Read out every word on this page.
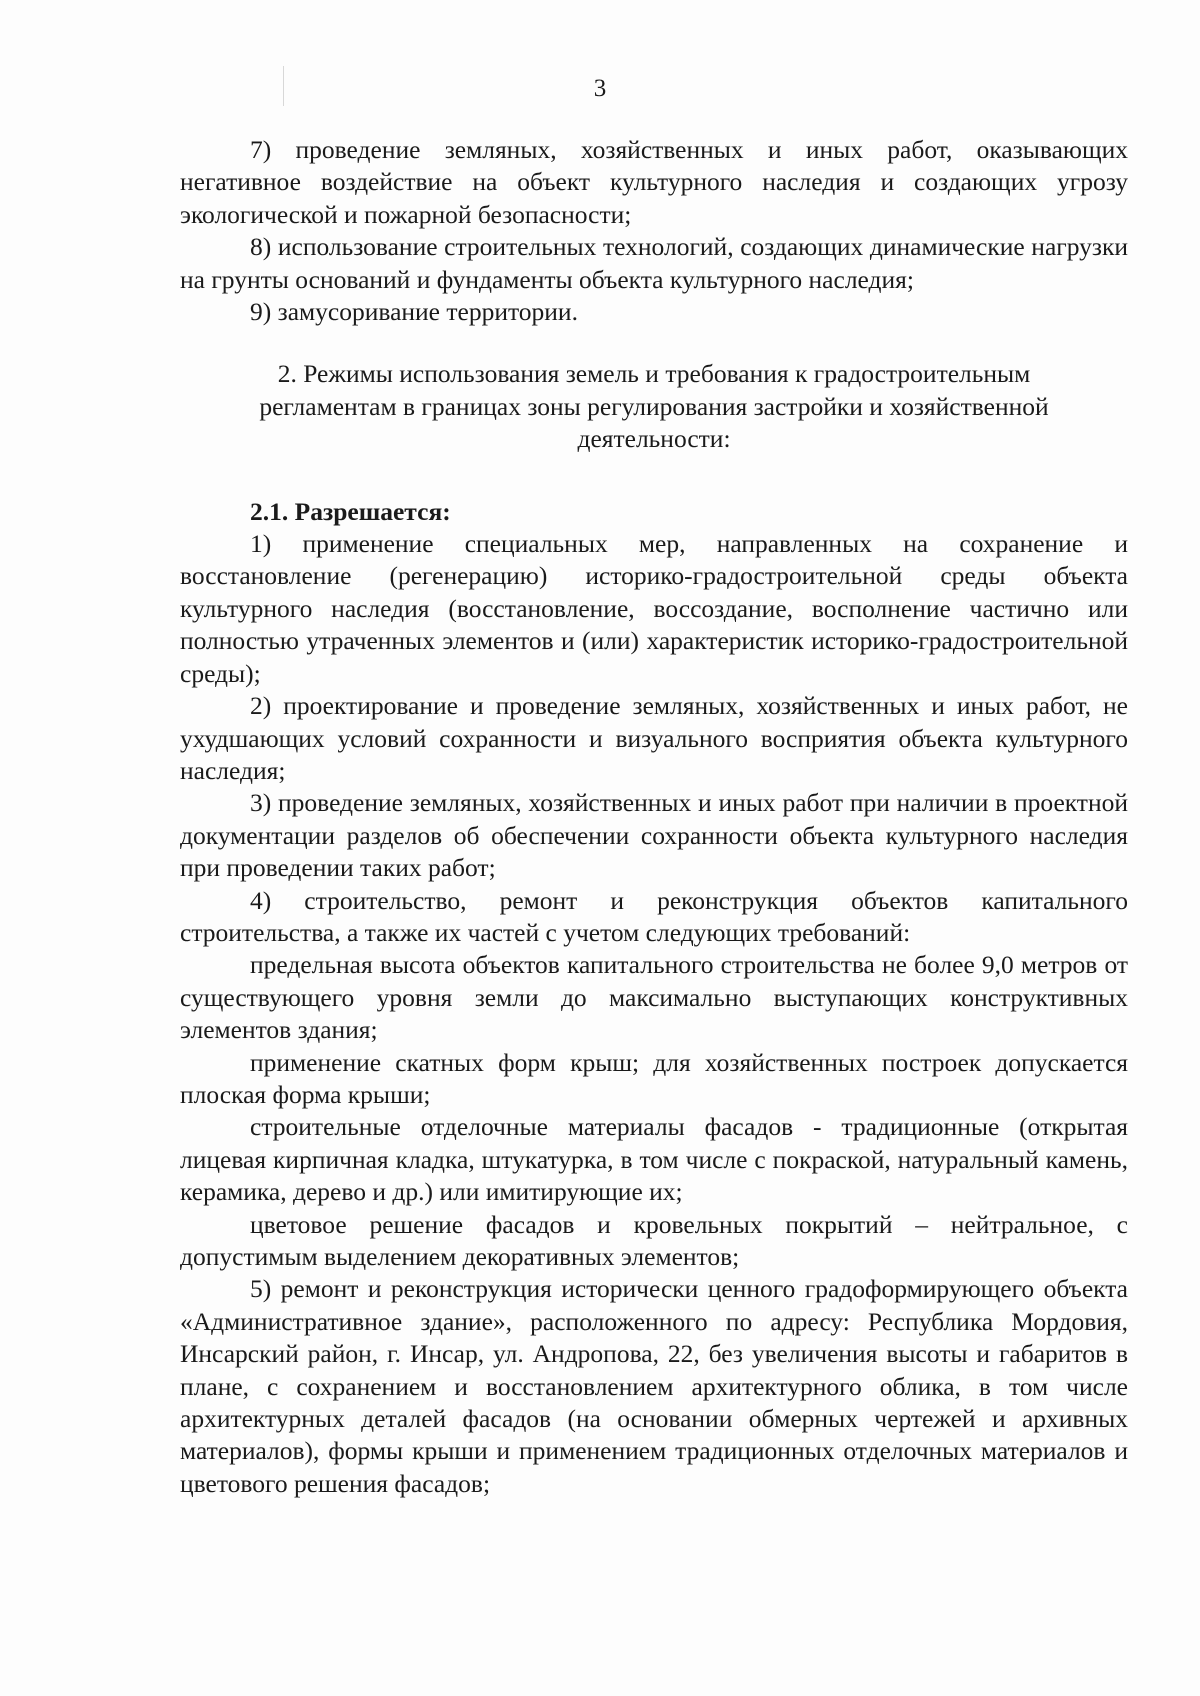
3

7) проведение земляных, хозяйственных и иных работ, оказывающих негативное воздействие на объект культурного наследия и создающих угрозу экологической и пожарной безопасности;

8) использование строительных технологий, создающих динамические нагрузки на грунты оснований и фундаменты объекта культурного наследия;

9) замусоривание территории.

2. Режимы использования земель и требования к градостроительным
регламентам в границах зоны регулирования застройки и хозяйственной
деятельности:

2.1. Разрешается:

1) применение специальных мер, направленных на сохранение и восстановление (регенерацию) историко-градостроительной среды объекта культурного наследия (восстановление, воссоздание, восполнение частично или полностью утраченных элементов и (или) характеристик историко-градостроительной среды);

2) проектирование и проведение земляных, хозяйственных и иных работ, не ухудшающих условий сохранности и визуального восприятия объекта культурного наследия;

3) проведение земляных, хозяйственных и иных работ при наличии в проектной документации разделов об обеспечении сохранности объекта культурного наследия при проведении таких работ;

4) строительство, ремонт и реконструкция объектов капитального строительства, а также их частей с учетом следующих требований:

предельная высота объектов капитального строительства не более 9,0 метров от существующего уровня земли до максимально выступающих конструктивных элементов здания;

применение скатных форм крыш; для хозяйственных построек допускается плоская форма крыши;

строительные отделочные материалы фасадов - традиционные (открытая лицевая кирпичная кладка, штукатурка, в том числе с покраской, натуральный камень, керамика, дерево и др.) или имитирующие их;

цветовое решение фасадов и кровельных покрытий – нейтральное, с допустимым выделением декоративных элементов;

5) ремонт и реконструкция исторически ценного градоформирующего объекта «Административное здание», расположенного по адресу: Республика Мордовия, Инсарский район, г. Инсар, ул. Андропова, 22, без увеличения высоты и габаритов в плане, с сохранением и восстановлением архитектурного облика, в том числе архитектурных деталей фасадов (на основании обмерных чертежей и архивных материалов), формы крыши и применением традиционных отделочных материалов и цветового решения фасадов;
